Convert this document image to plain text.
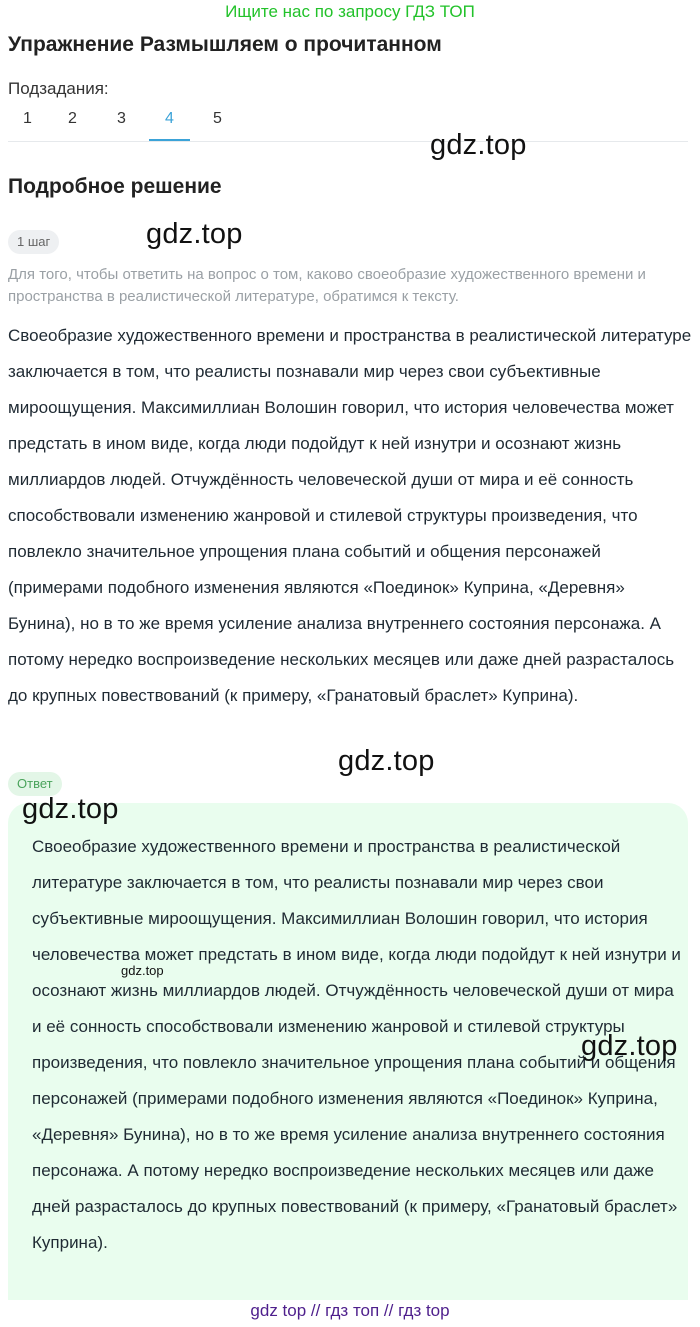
Ищите нас по запросу ГДЗ ТОП
Упражнение Размышляем о прочитанном
Подзадания:
1 2	3 4 5
gdz.top
Подробное решение
1 шаг	gdz.top
Для того, чтобы ответить на вопрос о том, каково своеобразие художественного времени и пространства в реалистической литературе, обратимся к тексту.
Своеобразие художественного времени и пространства в реалистической литературе заключается в том, что реалисты познавали мир через свои субъективные мироощущения. Максимиллиан Волошин говорил, что история человечества может предстать в ином виде, когда люди подойдут к ней изнутри и осознают жизнь миллиардов людей. Отчуждённость человеческой души от мира и её сонность способствовали изменению жанровой и стилевой структуры произведения, что повлекло значительное упрощения плана событий и общения персонажей (примерами подобного изменения являются «Поединок» Куприна, «Деревня» Бунина), но в то же время усиление анализа внутреннего состояния персонажа. А потому нередко воспроизведение нескольких месяцев или даже дней разрасталось до крупных повествований (к примеру, «Гранатовый браслет» Куприна).
gdz.top
Ответ
gdz.top
Своеобразие художественного времени и пространства в реалистической литературе заключается в том, что реалисты познавали мир через свои субъективные мироощущения. Максимиллиан Волошин говорил, что история человечества может предстать в ином виде, когда люди подойдут к ней изнутри и осознают жизнь миллиардов людей. Отчуждённость человеческой души от мира и её сонность способствовали изменению жанровой и стилевой структуры произведения, что повлекло значительное упрощения плана событий и общения персонажей (примерами подобного изменения являются «Поединок» Куприна, «Деревня» Бунина), но в то же время усиление анализа внутреннего состояния персонажа. А потому нередко воспроизведение нескольких месяцев или даже дней разрасталось до крупных повествований (к примеру, «Гранатовый браслет» Куприна).
gdz.top
gdz.top
gdz top // гдз топ // гдз top
